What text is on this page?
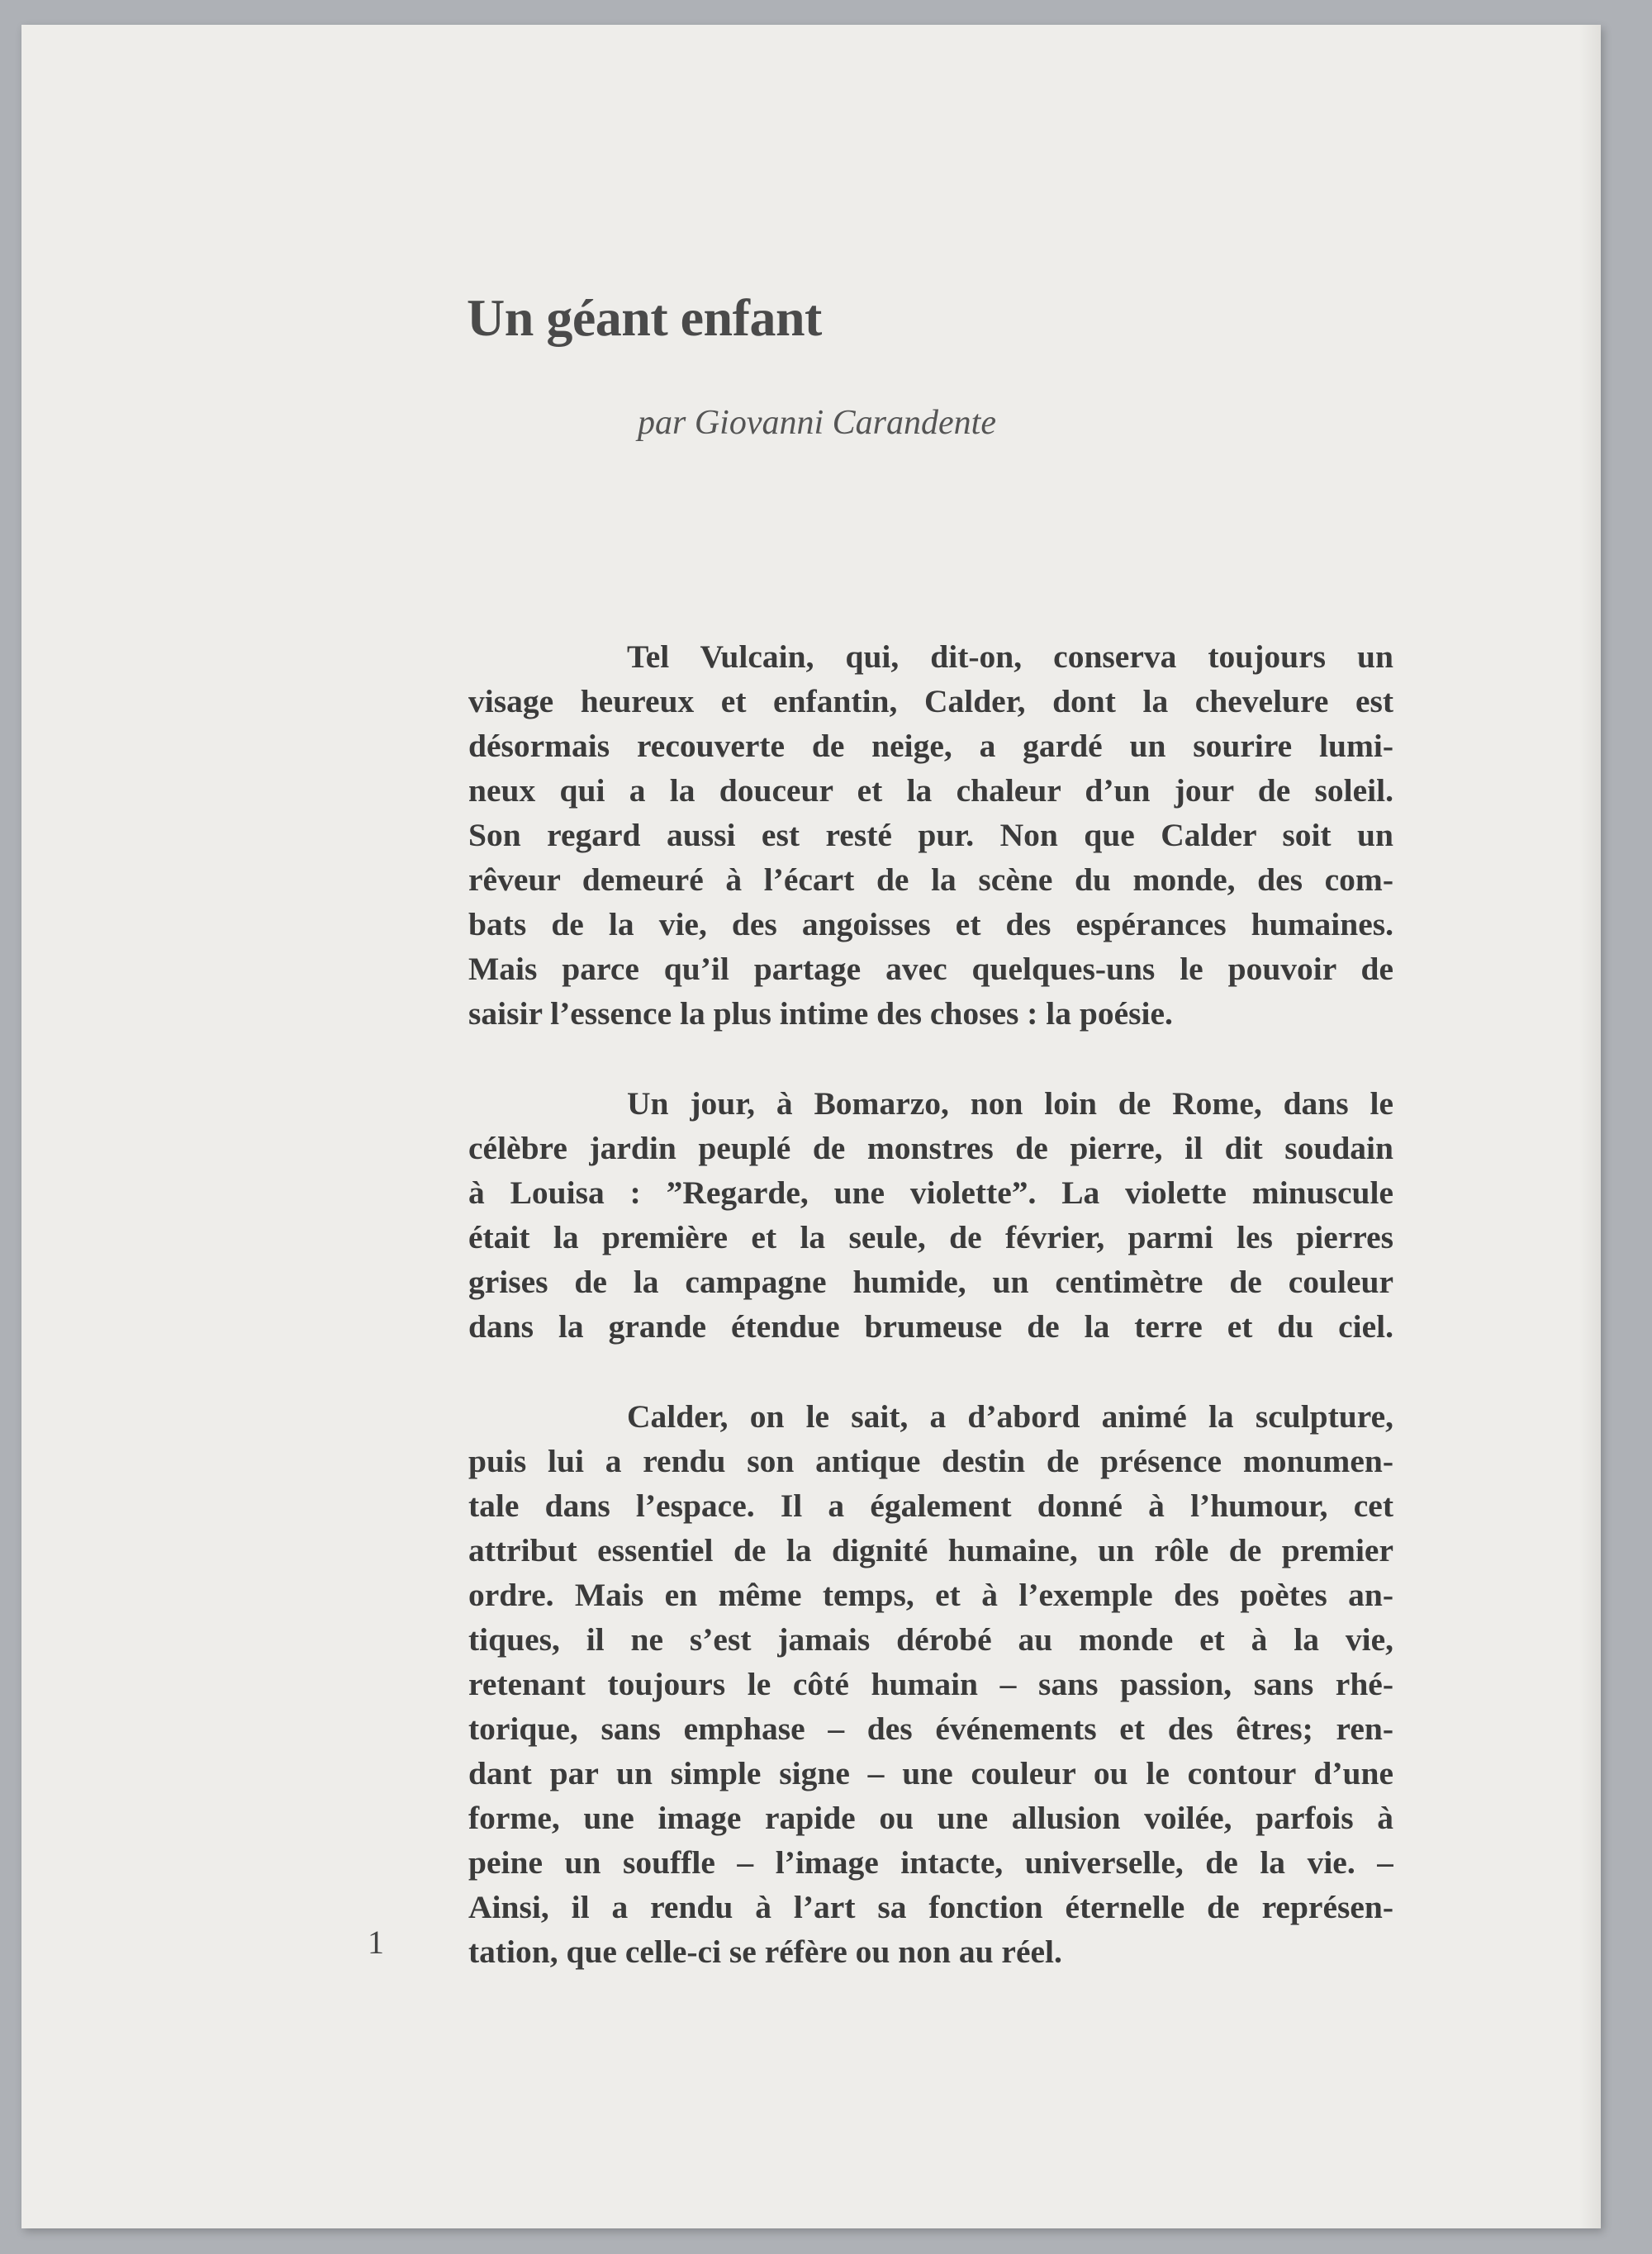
Un géant enfant

par Giovanni Carandente

Tel Vulcain, qui, dit-on, conserva toujours un
visage heureux et enfantin, Calder, dont la chevelure est
désormais recouverte de neige, a gardé un sourire lumi-
neux qui a la douceur et la chaleur d’un jour de soleil.
Son regard aussi est resté pur. Non que Calder soit un
rêveur demeuré à l’écart de la scène du monde, des com-
bats de la vie, des angoisses et des espérances humaines.
Mais parce qu’il partage avec quelques-uns le pouvoir de
saisir l’essence la plus intime des choses : la poésie.
Un jour, à Bomarzo, non loin de Rome, dans le
célèbre jardin peuplé de monstres de pierre, il dit soudain
à Louisa : ”Regarde, une violette”. La violette minuscule
était la première et la seule, de février, parmi les pierres
grises de la campagne humide, un centimètre de couleur
dans la grande étendue brumeuse de la terre et du ciel.
Calder, on le sait, a d’abord animé la sculpture,
puis lui a rendu son antique destin de présence monumen-
tale dans l’espace. Il a également donné à l’humour, cet
attribut essentiel de la dignité humaine, un rôle de premier
ordre. Mais en même temps, et à l’exemple des poètes an-
tiques, il ne s’est jamais dérobé au monde et à la vie,
retenant toujours le côté humain – sans passion, sans rhé-
torique, sans emphase – des événements et des êtres; ren-
dant par un simple signe – une couleur ou le contour d’une
forme, une image rapide ou une allusion voilée, parfois à
peine un souffle – l’image intacte, universelle, de la vie. –
Ainsi, il a rendu à l’art sa fonction éternelle de représen-
tation, que celle-ci se réfère ou non au réel.
1
